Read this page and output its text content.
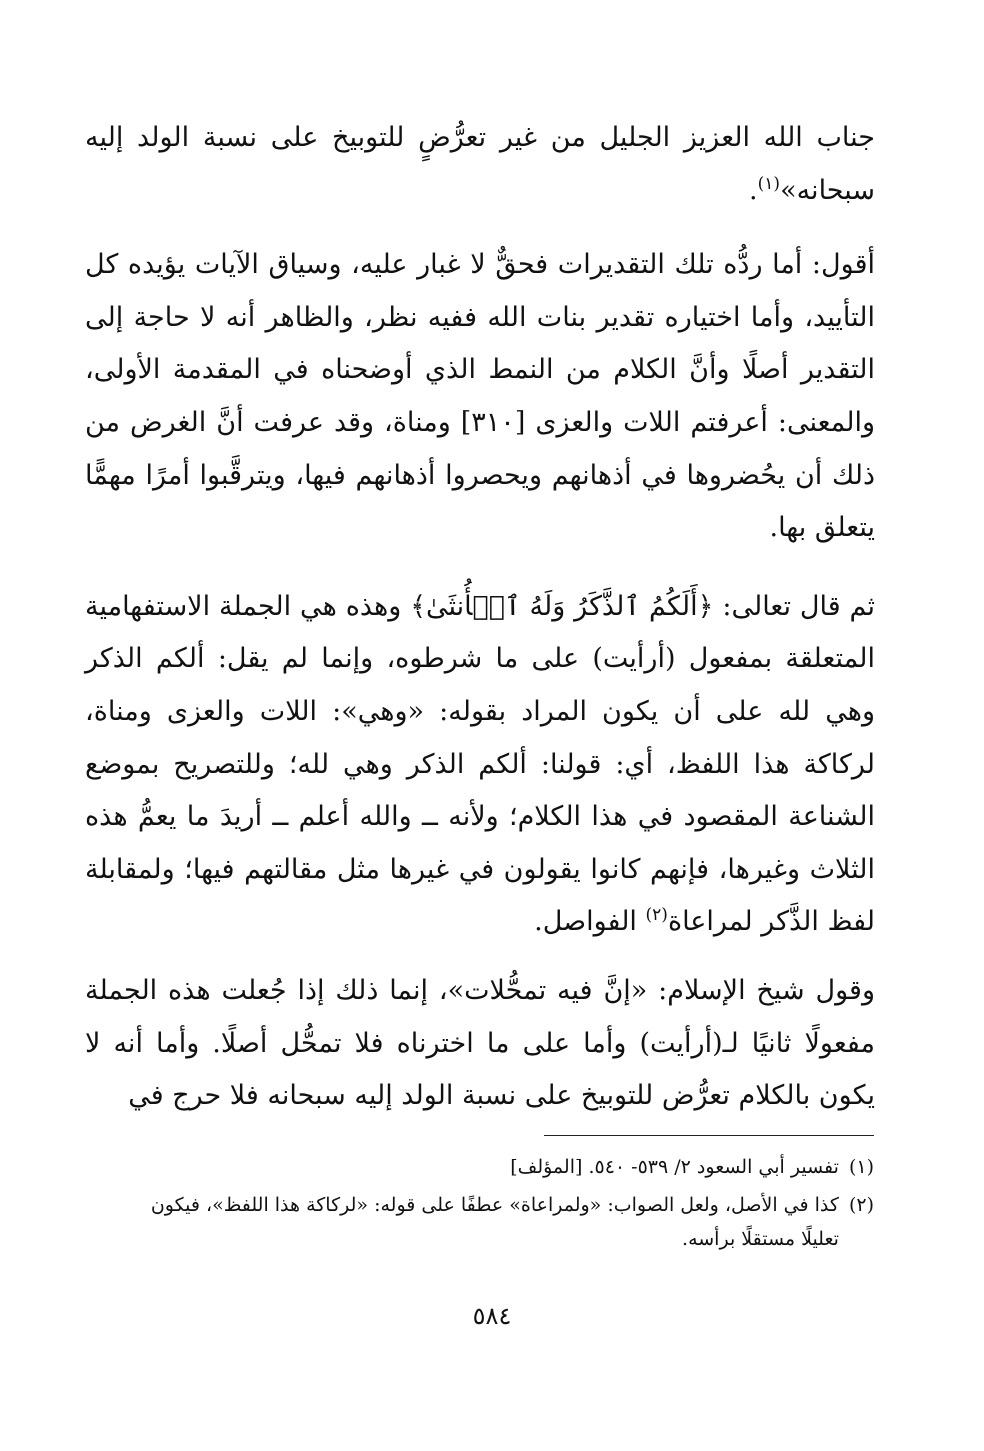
جناب الله العزيز الجليل من غير تعرُّضٍ للتوبيخ على نسبة الولد إليه سبحانه»$^{(١)}$.

أقول: أما ردُّه تلك التقديرات فحقٌّ لا غبار عليه، وسياق الآيات يؤيده كل التأييد، وأما اختياره تقدير بنات الله ففيه نظر، والظاهر أنه لا حاجة إلى التقدير أصلًا وأنَّ الكلام من النمط الذي أوضحناه في المقدمة الأولى، والمعنى: أعرفتم اللات والعزى [٣١٠] ومناة، وقد عرفت أنَّ الغرض من ذلك أن يحُضروها في أذهانهم ويحصروا أذهانهم فيها، ويترقَّبوا أمرًا مهمًّا يتعلق بها.

ثم قال تعالى: ﴿أَلَكُمُ ٱلذَّكَرُ وَلَهُ ٱلۡأُنثَىٰ﴾ وهذه هي الجملة الاستفهامية المتعلقة بمفعول (أرأيت) على ما شرطوه، وإنما لم يقل: ألكم الذكر وهي لله على أن يكون المراد بقوله: «وهي»: اللات والعزى ومناة، لركاكة هذا اللفظ، أي: قولنا: ألكم الذكر وهي لله؛ وللتصريح بموضع الشناعة المقصود في هذا الكلام؛ ولأنه ــ والله أعلم ــ أريدَ ما يعمُّ هذه الثلاث وغيرها، فإنهم كانوا يقولون في غيرها مثل مقالتهم فيها؛ ولمقابلة لفظ الذَّكر لمراعاة$^{(٢)}$ الفواصل.

وقول شيخ الإسلام: «إنَّ فيه تمحُّلات»، إنما ذلك إذا جُعلت هذه الجملة مفعولًا ثانيًا لـ(أرأيت) وأما على ما اخترناه فلا تمحُّل أصلًا. وأما أنه لا يكون بالكلام تعرُّض للتوبيخ على نسبة الولد إليه سبحانه فلا حرج في

(١)
تفسير أبي السعود ٢/ ٥٣٩- ٥٤٠. [المؤلف]

(٢)
كذا في الأصل، ولعل الصواب: «ولمراعاة» عطفًا على قوله: «لركاكة هذا اللفظ»، فيكون تعليلًا مستقلًا برأسه.

٥٨٤
